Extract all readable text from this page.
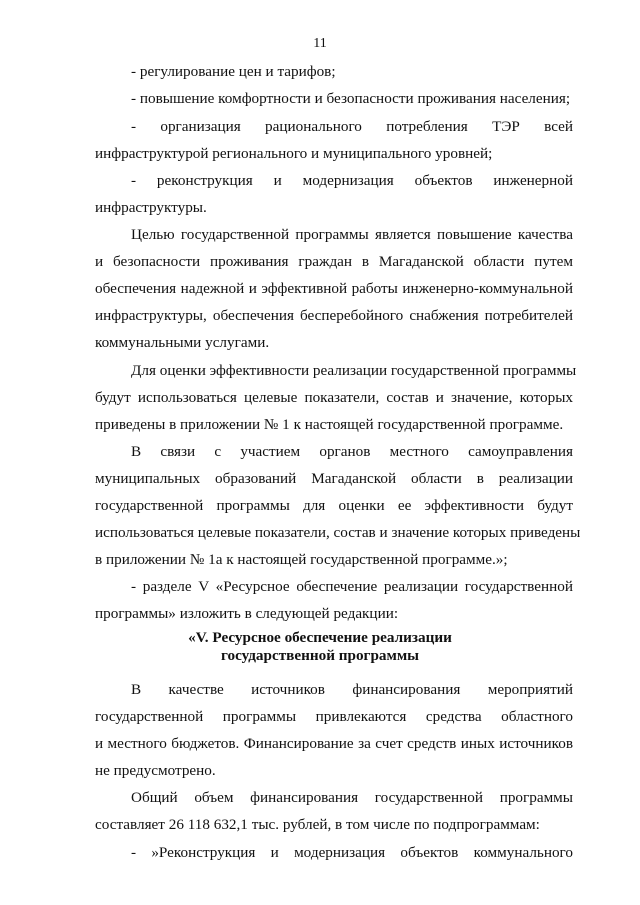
11
- регулирование цен и тарифов;
- повышение комфортности и безопасности проживания населения;
- организация рационального потребления ТЭР всей
инфраструктурой регионального и муниципального уровней;
- реконструкция и модернизация объектов инженерной
инфраструктуры.
Целью государственной программы является повышение качества
и безопасности проживания граждан в Магаданской области путем
обеспечения надежной и эффективной работы инженерно-коммунальной
инфраструктуры, обеспечения бесперебойного снабжения потребителей
коммунальными услугами.
Для оценки эффективности реализации государственной программы
будут использоваться целевые показатели, состав и значение, которых
приведены в приложении № 1 к настоящей государственной программе.
В связи с участием органов местного самоуправления
муниципальных образований Магаданской области в реализации
государственной программы для оценки ее эффективности будут
использоваться целевые показатели, состав и значение которых приведены
в приложении № 1а к настоящей государственной программе.»;
- разделе V «Ресурсное обеспечение реализации государственной
программы» изложить в следующей редакции:
«V. Ресурсное обеспечение реализации
государственной программы
В качестве источников финансирования мероприятий
государственной программы привлекаются средства областного
и местного бюджетов. Финансирование за счет средств иных источников
не предусмотрено.
Общий объем финансирования государственной программы
составляет 26 118 632,1 тыс. рублей, в том числе по подпрограммам:
- »Реконструкция и модернизация объектов коммунального
